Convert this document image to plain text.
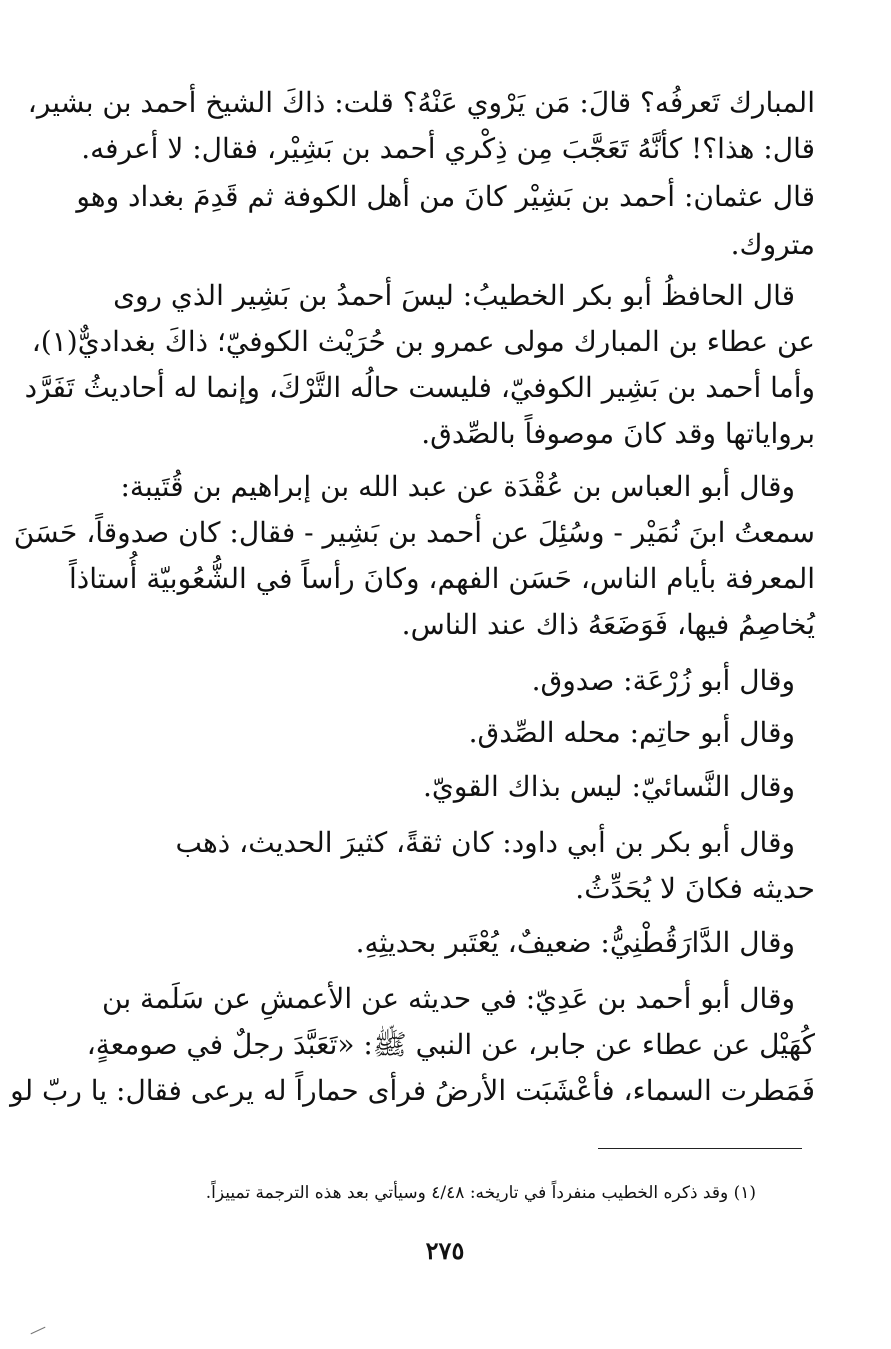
المبارك تَعرفُه؟ قالَ: مَن يَرْوي عَنْهُ؟ قلت: ذاكَ الشيخ أحمد بن بشير،
قال: هذا؟! كأنَّهُ تَعَجَّبَ مِن ذِكْري أحمد بن بَشِيْر، فقال: لا أعرفه.
قال عثمان: أحمد بن بَشِيْر كانَ من أهل الكوفة ثم قَدِمَ بغداد وهو
متروك.
قال الحافظُ أبو بكر الخطيبُ: ليسَ أحمدُ بن بَشِير الذي روى
عن عطاء بن المبارك مولى عمرو بن حُرَيْث الكوفيّ؛ ذاكَ بغداديٌّ(١)،
وأما أحمد بن بَشِير الكوفيّ، فليست حالُه التَّرْكَ، وإنما له أحاديثُ تَفَرَّد
برواياتها وقد كانَ موصوفاً بالصِّدق.
وقال أبو العباس بن عُقْدَة عن عبد الله بن إبراهيم بن قُتَيبة:
سمعتُ ابنَ نُمَيْر - وسُئِلَ عن أحمد بن بَشِير - فقال: كان صدوقاً، حَسَنَ
المعرفة بأيام الناس، حَسَن الفهم، وكانَ رأساً في الشُّعُوبيّة أُستاذاً
يُخاصِمُ فيها، فَوَضَعَهُ ذاك عند الناس.
وقال أبو زُرْعَة: صدوق.
وقال أبو حاتِم: محله الصِّدق.
وقال النَّسائيّ: ليس بذاك القويّ.
وقال أبو بكر بن أبي داود: كان ثقةً، كثيرَ الحديث، ذهب
حديثه فكانَ لا يُحَدِّثُ.
وقال الدَّارَقُطْنِيُّ: ضعيفٌ، يُعْتَبر بحديثِهِ.
وقال أبو أحمد بن عَدِيّ: في حديثه عن الأعمشِ عن سَلَمة بن
كُهَيْل عن عطاء عن جابر، عن النبي ﷺ: «تَعَبَّدَ رجلٌ في صومعةٍ،
فَمَطرت السماء، فأعْشَبَت الأرضُ فرأى حماراً له يرعى فقال: يا ربّ لو
(١) وقد ذكره الخطيب منفرداً في تاريخه: ٤/٤٨ وسيأتي بعد هذه الترجمة تمييزاً.
٢٧٥
